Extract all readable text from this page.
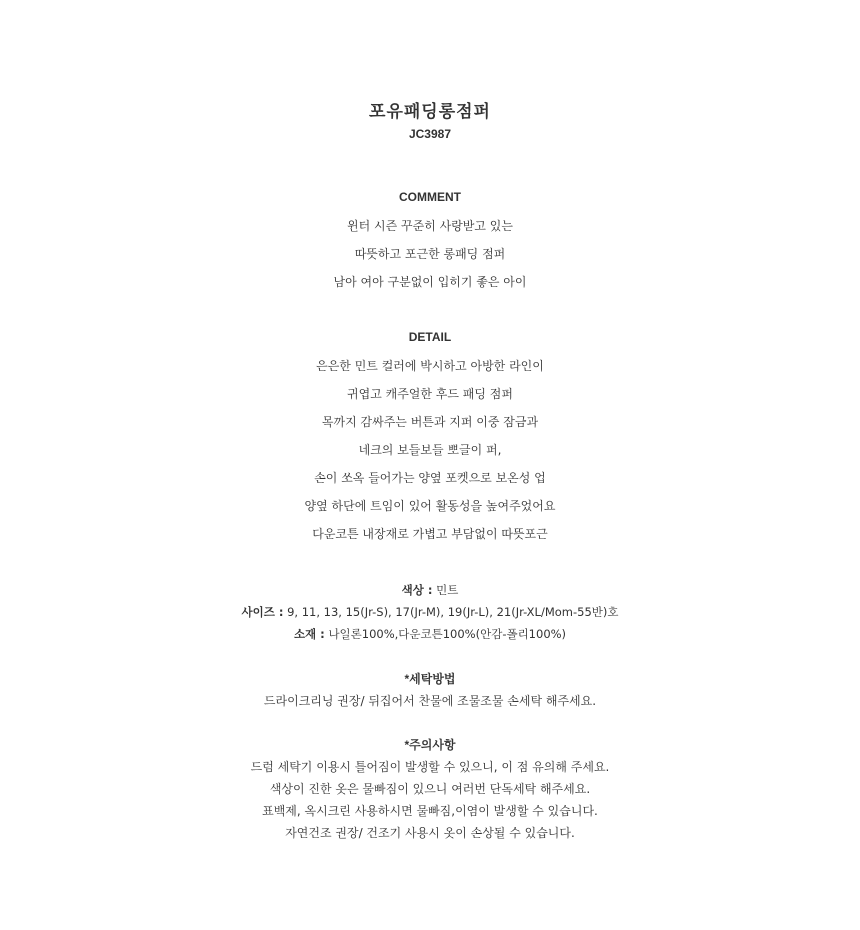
포유패딩롱점퍼
JC3987
COMMENT
윈터 시즌 꾸준히 사랑받고 있는
따뜻하고 포근한 롱패딩 점퍼
남아 여아 구분없이 입히기 좋은 아이
DETAIL
은은한 민트 컬러에 박시하고 아방한 라인이
귀엽고 캐주얼한 후드 패딩 점퍼
목까지 감싸주는 버튼과 지퍼 이중 잠금과
네크의 보들보들 뽀글이 퍼,
손이 쏘옥 들어가는 양옆 포켓으로 보온성 업
양옆 하단에 트임이 있어 활동성을 높여주었어요
다운코튼 내장재로 가볍고 부담없이 따뜻포근
색상 : 민트
사이즈 : 9, 11, 13, 15(Jr-S), 17(Jr-M), 19(Jr-L), 21(Jr-XL/Mom-55반)호
소재 : 나일론100%,다운코튼100%(안감-폴리100%)
*세탁방법
드라이크리닝 권장/ 뒤집어서 찬물에 조물조물 손세탁 해주세요.
*주의사항
드럼 세탁기 이용시 틀어짐이 발생할 수 있으니, 이 점 유의해 주세요.
색상이 진한 옷은 물빠짐이 있으니 여러번 단독세탁 해주세요.
표백제, 옥시크린 사용하시면 물빠짐,이염이 발생할 수 있습니다.
자연건조 권장/ 건조기 사용시 옷이 손상될 수 있습니다.
